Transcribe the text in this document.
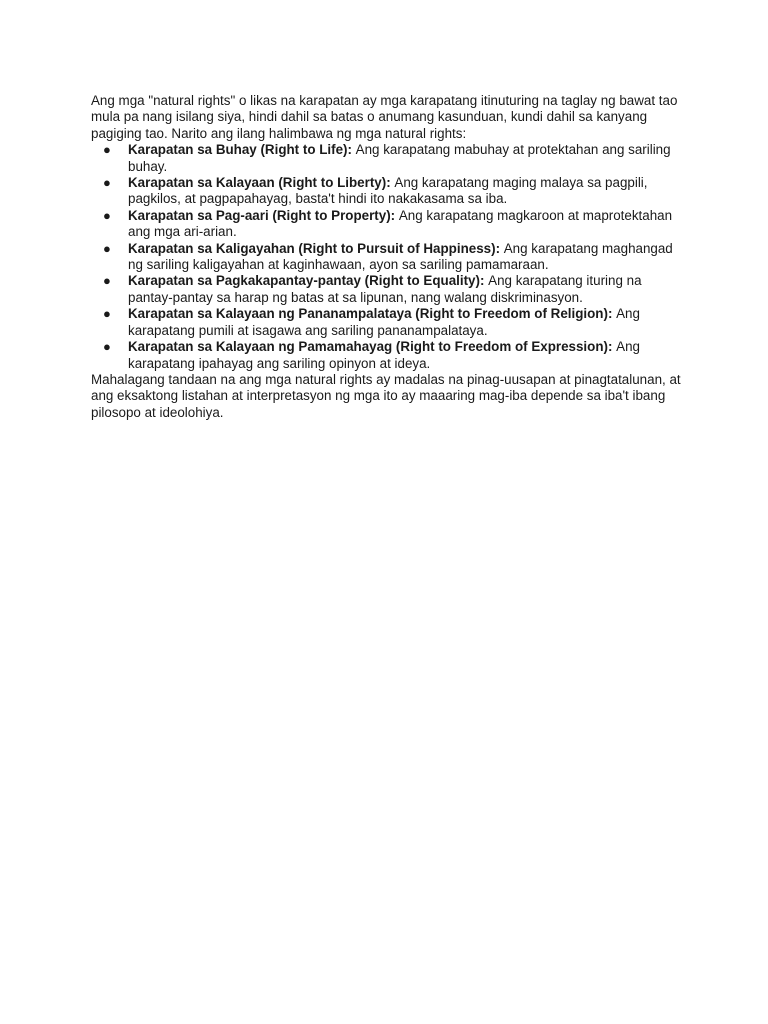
Ang mga "natural rights" o likas na karapatan ay mga karapatang itinuturing na taglay ng bawat tao mula pa nang isilang siya, hindi dahil sa batas o anumang kasunduan, kundi dahil sa kanyang pagiging tao. Narito ang ilang halimbawa ng mga natural rights:

● Karapatan sa Buhay (Right to Life): Ang karapatang mabuhay at protektahan ang sariling buhay.
● Karapatan sa Kalayaan (Right to Liberty): Ang karapatang maging malaya sa pagpili, pagkilos, at pagpapahayag, basta't hindi ito nakakasama sa iba.
● Karapatan sa Pag-aari (Right to Property): Ang karapatang magkaroon at maprotektahan ang mga ari-arian.
● Karapatan sa Kaligayahan (Right to Pursuit of Happiness): Ang karapatang maghangad ng sariling kaligayahan at kaginhawaan, ayon sa sariling pamamaraan.
● Karapatan sa Pagkakapantay-pantay (Right to Equality): Ang karapatang ituring na pantay-pantay sa harap ng batas at sa lipunan, nang walang diskriminasyon.
● Karapatan sa Kalayaan ng Pananampalataya (Right to Freedom of Religion): Ang karapatang pumili at isagawa ang sariling pananampalataya.
● Karapatan sa Kalayaan ng Pamamahayag (Right to Freedom of Expression): Ang karapatang ipahayag ang sariling opinyon at ideya.

Mahalagang tandaan na ang mga natural rights ay madalas na pinag-uusapan at pinagtatalunan, at ang eksaktong listahan at interpretasyon ng mga ito ay maaaring mag-iba depende sa iba't ibang pilosopo at ideolohiya.
